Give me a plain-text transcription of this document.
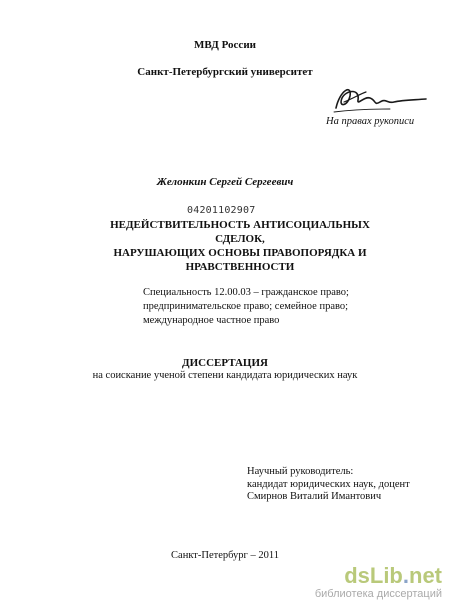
МВД России
Санкт-Петербургский университет
На правах рукописи
Желонкин Сергей Сергеевич
04201102907
НЕДЕЙСТВИТЕЛЬНОСТЬ АНТИСОЦИАЛЬНЫХ СДЕЛОК,
НАРУШАЮЩИХ ОСНОВЫ ПРАВОПОРЯДКА И
НРАВСТВЕННОСТИ
Специальность 12.00.03 – гражданское право;
предпринимательское право; семейное право;
международное частное право
ДИССЕРТАЦИЯ
на соискание ученой степени кандидата юридических наук
Научный руководитель:
кандидат юридических наук, доцент
Смирнов Виталий Имантович
Санкт-Петербург – 2011
dsLib.net
библиотека диссертаций
